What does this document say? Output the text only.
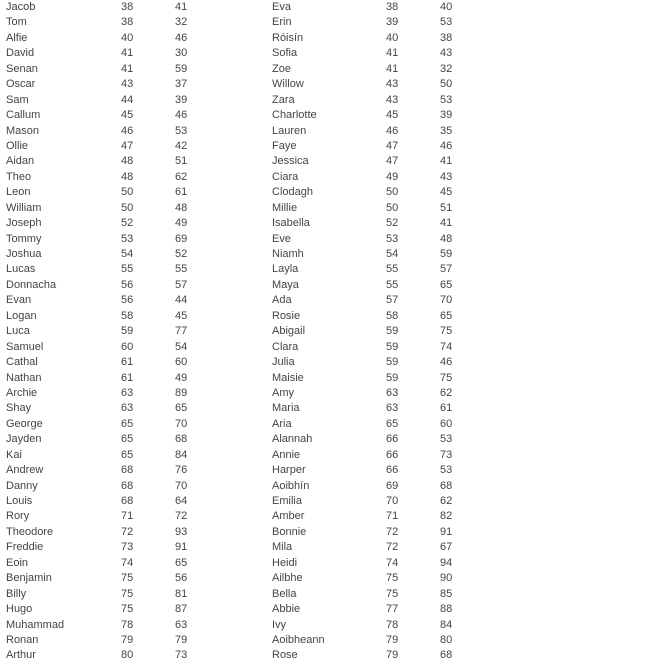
Jacob	38	41
Tom	38	32
Alfie	40	46
David	41	30
Senan	41	59
Oscar	43	37
Sam	44	39
Callum	45	46
Mason	46	53
Ollie	47	42
Aidan	48	51
Theo	48	62
Leon	50	61
William	50	48
Joseph	52	49
Tommy	53	69
Joshua	54	52
Lucas	55	55
Donnacha	56	57
Evan	56	44
Logan	58	45
Luca	59	77
Samuel	60	54
Cathal	61	60
Nathan	61	49
Archie	63	89
Shay	63	65
George	65	70
Jayden	65	68
Kai	65	84
Andrew	68	76
Danny	68	70
Louis	68	64
Rory	71	72
Theodore	72	93
Freddie	73	91
Eoin	74	65
Benjamin	75	56
Billy	75	81
Hugo	75	87
Muhammad	78	63
Ronan	79	79
Arthur	80	73
Eva	38	40
Erin	39	53
Róisín	40	38
Sofia	41	43
Zoe	41	32
Willow	43	50
Zara	43	53
Charlotte	45	39
Lauren	46	35
Faye	47	46
Jessica	47	41
Ciara	49	43
Clodagh	50	45
Millie	50	51
Isabella	52	41
Eve	53	48
Niamh	54	59
Layla	55	57
Maya	55	65
Ada	57	70
Rosie	58	65
Abigail	59	75
Clara	59	74
Julia	59	46
Maisie	59	75
Amy	63	62
Maria	63	61
Aria	65	60
Alannah	66	53
Annie	66	73
Harper	66	53
Aoibhín	69	68
Emilia	70	62
Amber	71	82
Bonnie	72	91
Mila	72	67
Heidi	74	94
Ailbhe	75	90
Bella	75	85
Abbie	77	88
Ivy	78	84
Aoibheann	79	80
Rose	79	68
